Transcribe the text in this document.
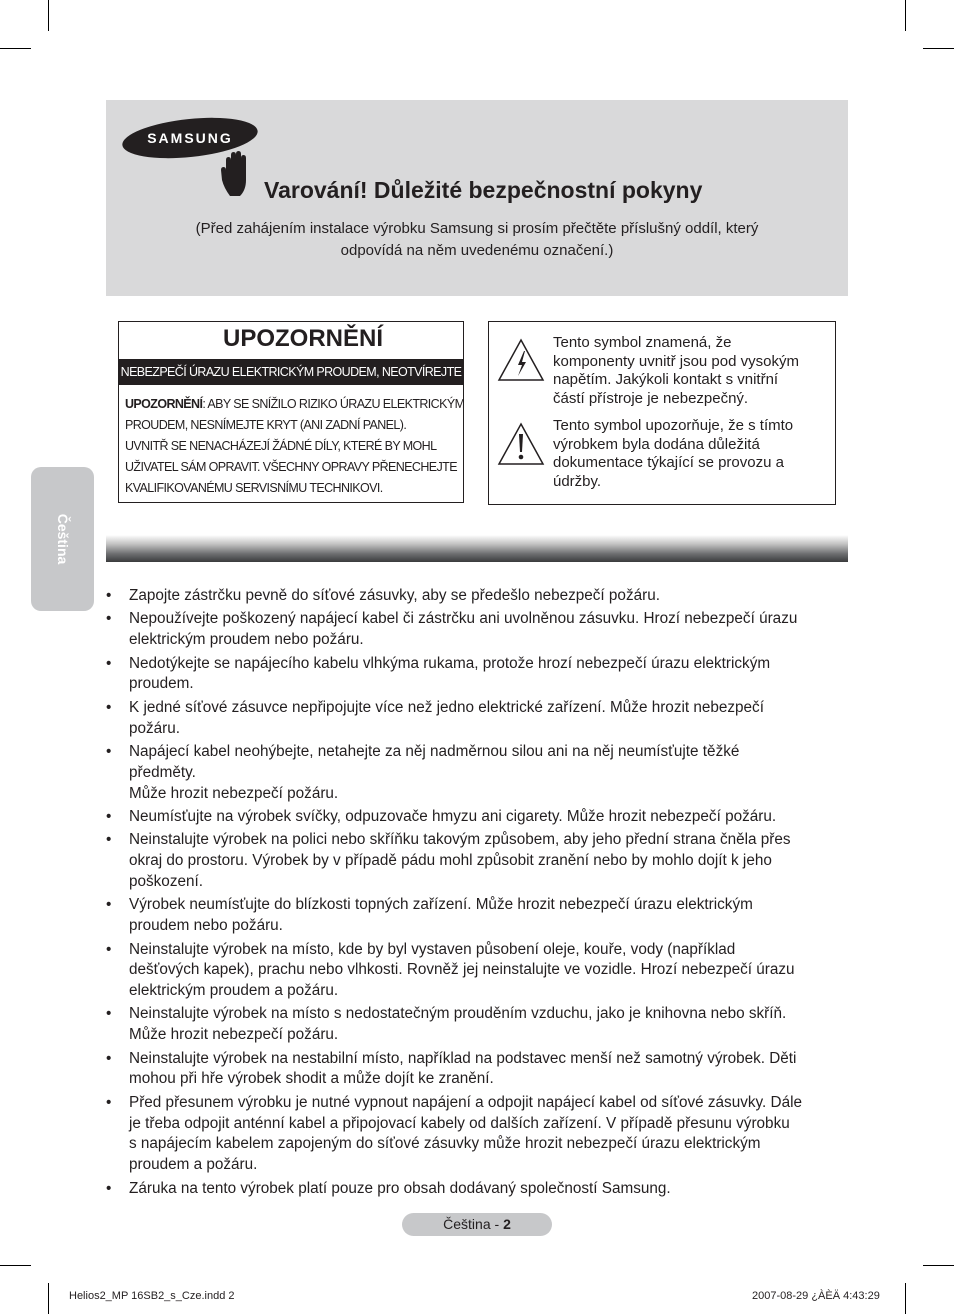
SAMSUNG
Varování! Důležité bezpečnostní pokyny
(Před zahájením instalace výrobku Samsung si prosím přečtěte příslušný oddíl, který
odpovídá na něm uvedenému označení.)
UPOZORNĚNÍ
NEBEZPEČÍ ÚRAZU ELEKTRICKÝM PROUDEM, NEOTVÍREJTE
UPOZORNĚNÍ: ABY SE SNÍŽILO RIZIKO ÚRAZU ELEKTRICKÝM
PROUDEM, NESNÍMEJTE KRYT (ANI ZADNÍ PANEL).
UVNITŘ SE NENACHÁZEJÍ ŽÁDNÉ DÍLY, KTERÉ BY MOHL
UŽIVATEL SÁM OPRAVIT. VŠECHNY OPRAVY PŘENECHEJTE
KVALIFIKOVANÉMU SERVISNÍMU TECHNIKOVI.
Tento symbol znamená, že
komponenty uvnitř jsou pod vysokým
napětím. Jakýkoli kontakt s vnitřní
částí přístroje je nebezpečný.
Tento symbol upozorňuje, že s tímto
výrobkem byla dodána důležitá
dokumentace týkající se provozu a
údržby.
Čeština
• Zapojte zástrčku pevně do síťové zásuvky, aby se předešlo nebezpečí požáru.
• Nepoužívejte poškozený napájecí kabel či zástrčku ani uvolněnou zásuvku. Hrozí nebezpečí úrazu
elektrickým proudem nebo požáru.
• Nedotýkejte se napájecího kabelu vlhkýma rukama, protože hrozí nebezpečí úrazu elektrickým
proudem.
• K jedné síťové zásuvce nepřipojujte více než jedno elektrické zařízení. Může hrozit nebezpečí
požáru.
• Napájecí kabel neohýbejte, netahejte za něj nadměrnou silou ani na něj neumísťujte těžké
předměty.
Může hrozit nebezpečí požáru.
• Neumísťujte na výrobek svíčky, odpuzovače hmyzu ani cigarety. Může hrozit nebezpečí požáru.
• Neinstalujte výrobek na polici nebo skříňku takovým způsobem, aby jeho přední strana čněla přes
okraj do prostoru. Výrobek by v případě pádu mohl způsobit zranění nebo by mohlo dojít k jeho
poškození.
• Výrobek neumísťujte do blízkosti topných zařízení. Může hrozit nebezpečí úrazu elektrickým
proudem nebo požáru.
• Neinstalujte výrobek na místo, kde by byl vystaven působení oleje, kouře, vody (například
dešťových kapek), prachu nebo vlhkosti. Rovněž jej neinstalujte ve vozidle. Hrozí nebezpečí úrazu
elektrickým proudem a požáru.
• Neinstalujte výrobek na místo s nedostatečným prouděním vzduchu, jako je knihovna nebo skříň.
Může hrozit nebezpečí požáru.
• Neinstalujte výrobek na nestabilní místo, například na podstavec menší než samotný výrobek. Děti
mohou při hře výrobek shodit a může dojít ke zranění.
• Před přesunem výrobku je nutné vypnout napájení a odpojit napájecí kabel od síťové zásuvky. Dále
je třeba odpojit anténní kabel a připojovací kabely od dalších zařízení. V případě přesunu výrobku
s napájecím kabelem zapojeným do síťové zásuvky může hrozit nebezpečí úrazu elektrickým
proudem a požáru.
• Záruka na tento výrobek platí pouze pro obsah dodávaný společností Samsung.
Čeština - 2
Helios2_MP 16SB2_s_Cze.indd 2	2007-08-29 ¿ÀÈÄ 4:43:29
